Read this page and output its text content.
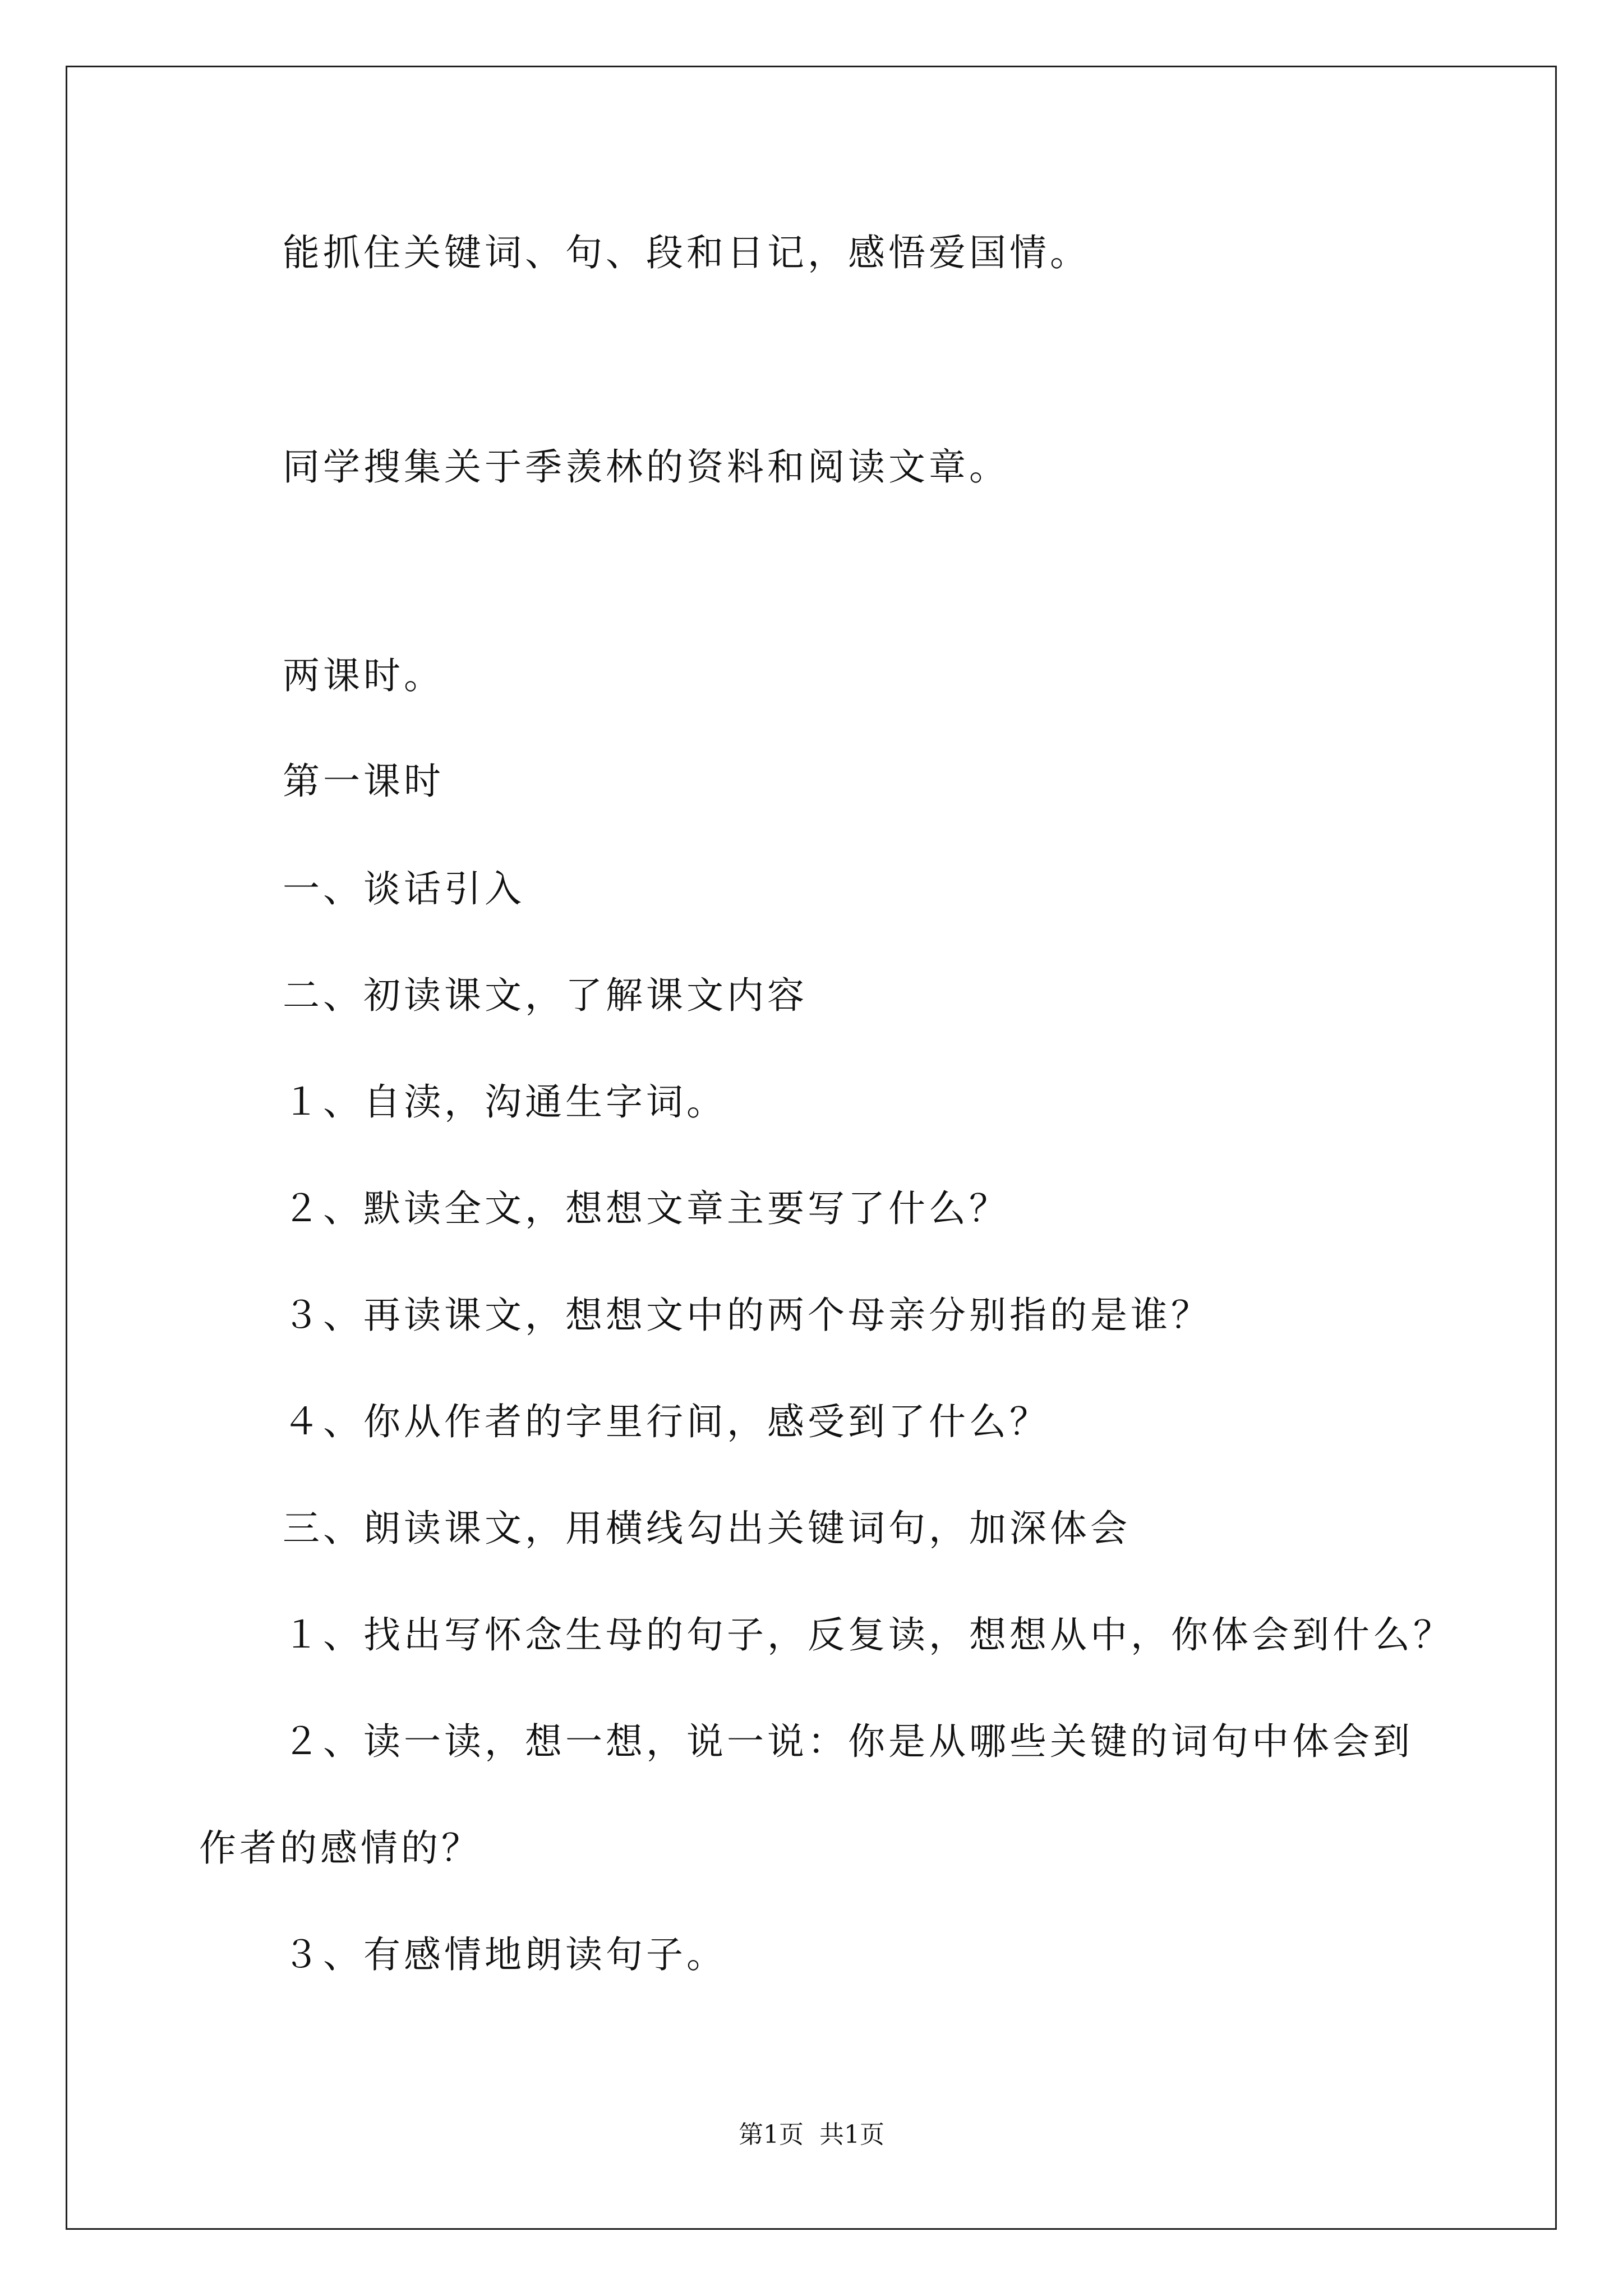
能抓住关键词、句、段和日记，感悟爱国情。
同学搜集关于季羡林的资料和阅读文章。
两课时。
第一课时
一、谈话引入
二、初读课文，了解课文内容
１、自渎，沟通生字词。
２、默读全文，想想文章主要写了什么？
３、再读课文，想想文中的两个母亲分别指的是谁？
４、你从作者的字里行间，感受到了什么？
三、朗读课文，用横线勾出关键词句，加深体会
１、找出写怀念生母的句子，反复读，想想从中，你体会到什么？
２、读一读，想一想，说一说：你是从哪些关键的词句中体会到
作者的感情的？
３、有感情地朗读句子。
第1页 共1页
